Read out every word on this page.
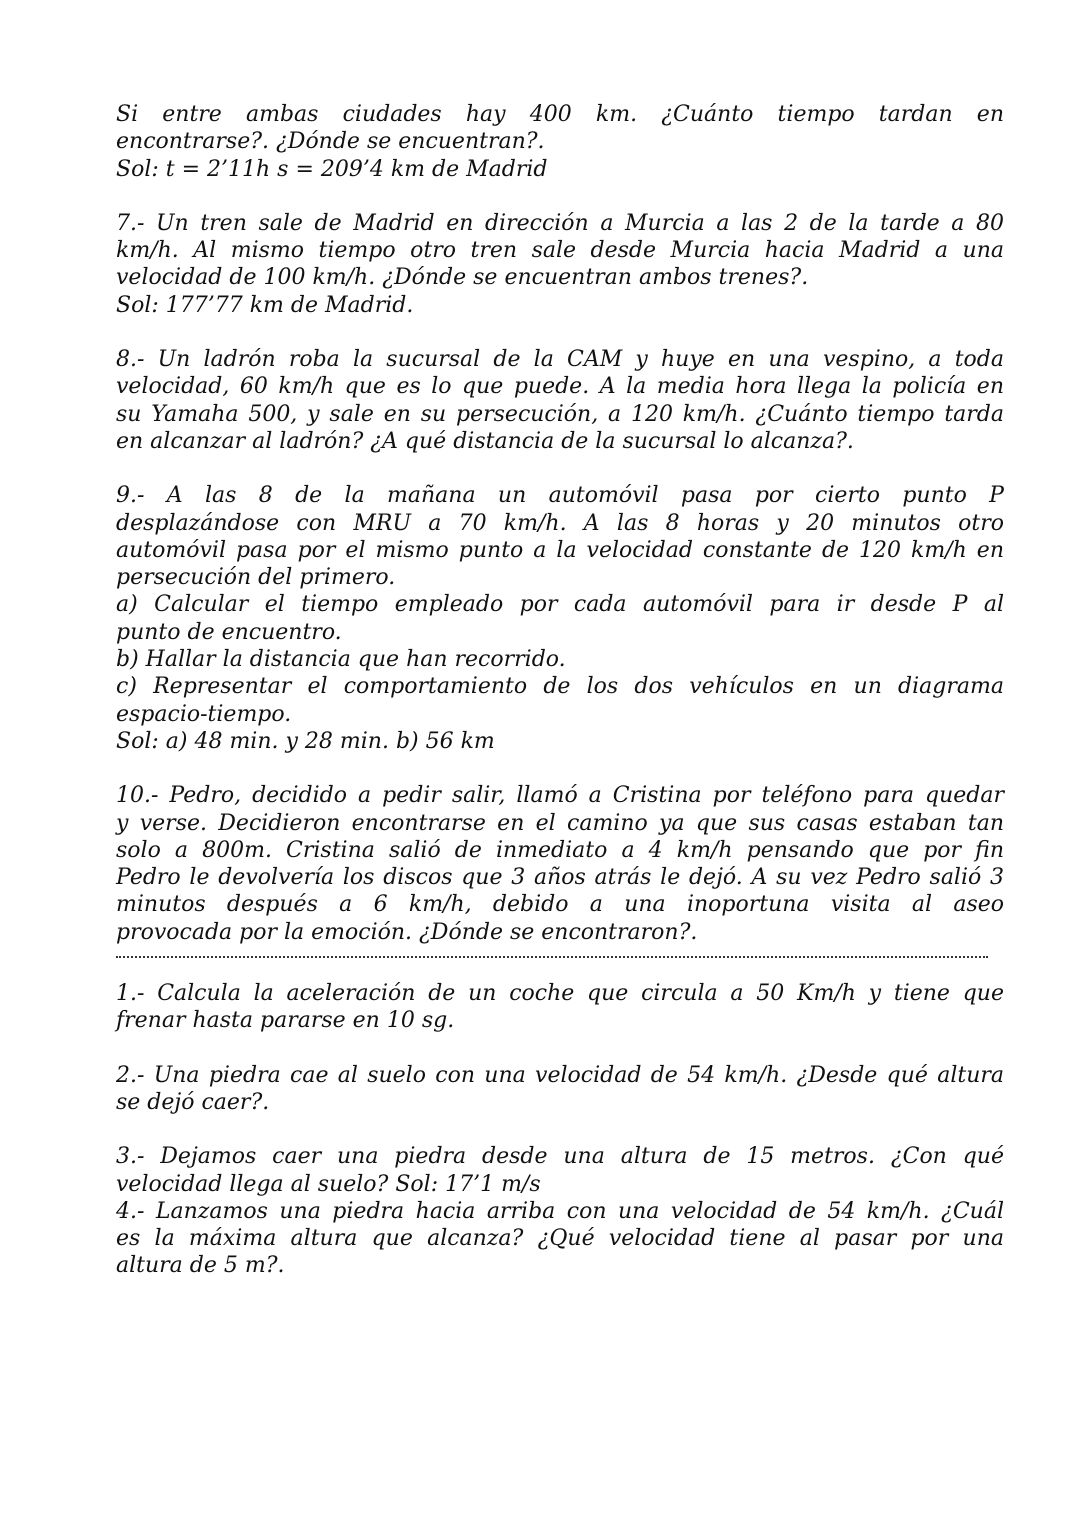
Si entre ambas ciudades hay 400 km. ¿Cuánto tiempo tardan en
encontrarse?. ¿Dónde se encuentran?.
Sol: t = 2’11h s = 209’4 km de Madrid
7.- Un tren sale de Madrid en dirección a Murcia a las 2 de la tarde a 80
km/h. Al mismo tiempo otro tren sale desde Murcia hacia Madrid a una
velocidad de 100 km/h. ¿Dónde se encuentran ambos trenes?.
Sol: 177’77 km de Madrid.
8.- Un ladrón roba la sucursal de la CAM y huye en una vespino, a toda
velocidad, 60 km/h que es lo que puede. A la media hora llega la policía en
su Yamaha 500, y sale en su persecución, a 120 km/h. ¿Cuánto tiempo tarda
en alcanzar al ladrón? ¿A qué distancia de la sucursal lo alcanza?.
9.- A las 8 de la mañana un automóvil pasa por cierto punto P
desplazándose con MRU a 70 km/h. A las 8 horas y 20 minutos otro
automóvil pasa por el mismo punto a la velocidad constante de 120 km/h en
persecución del primero.
a) Calcular el tiempo empleado por cada automóvil para ir desde P al
punto de encuentro.
b) Hallar la distancia que han recorrido.
c) Representar el comportamiento de los dos vehículos en un diagrama
espacio-tiempo.
Sol: a) 48 min. y 28 min. b) 56 km
10.- Pedro, decidido a pedir salir, llamó a Cristina por teléfono para quedar
y verse. Decidieron encontrarse en el camino ya que sus casas estaban tan
solo a 800m. Cristina salió de inmediato a 4 km/h pensando que por fin
Pedro le devolvería los discos que 3 años atrás le dejó. A su vez Pedro salió 3
minutos después a 6 km/h, debido a una inoportuna visita al aseo
provocada por la emoción. ¿Dónde se encontraron?.
1.- Calcula la aceleración de un coche que circula a 50 Km/h y tiene que
frenar hasta pararse en 10 sg.
2.- Una piedra cae al suelo con una velocidad de 54 km/h. ¿Desde qué altura
se dejó caer?.
3.- Dejamos caer una piedra desde una altura de 15 metros. ¿Con qué
velocidad llega al suelo? Sol: 17’1 m/s
4.- Lanzamos una piedra hacia arriba con una velocidad de 54 km/h. ¿Cuál
es la máxima altura que alcanza? ¿Qué velocidad tiene al pasar por una
altura de 5 m?.
